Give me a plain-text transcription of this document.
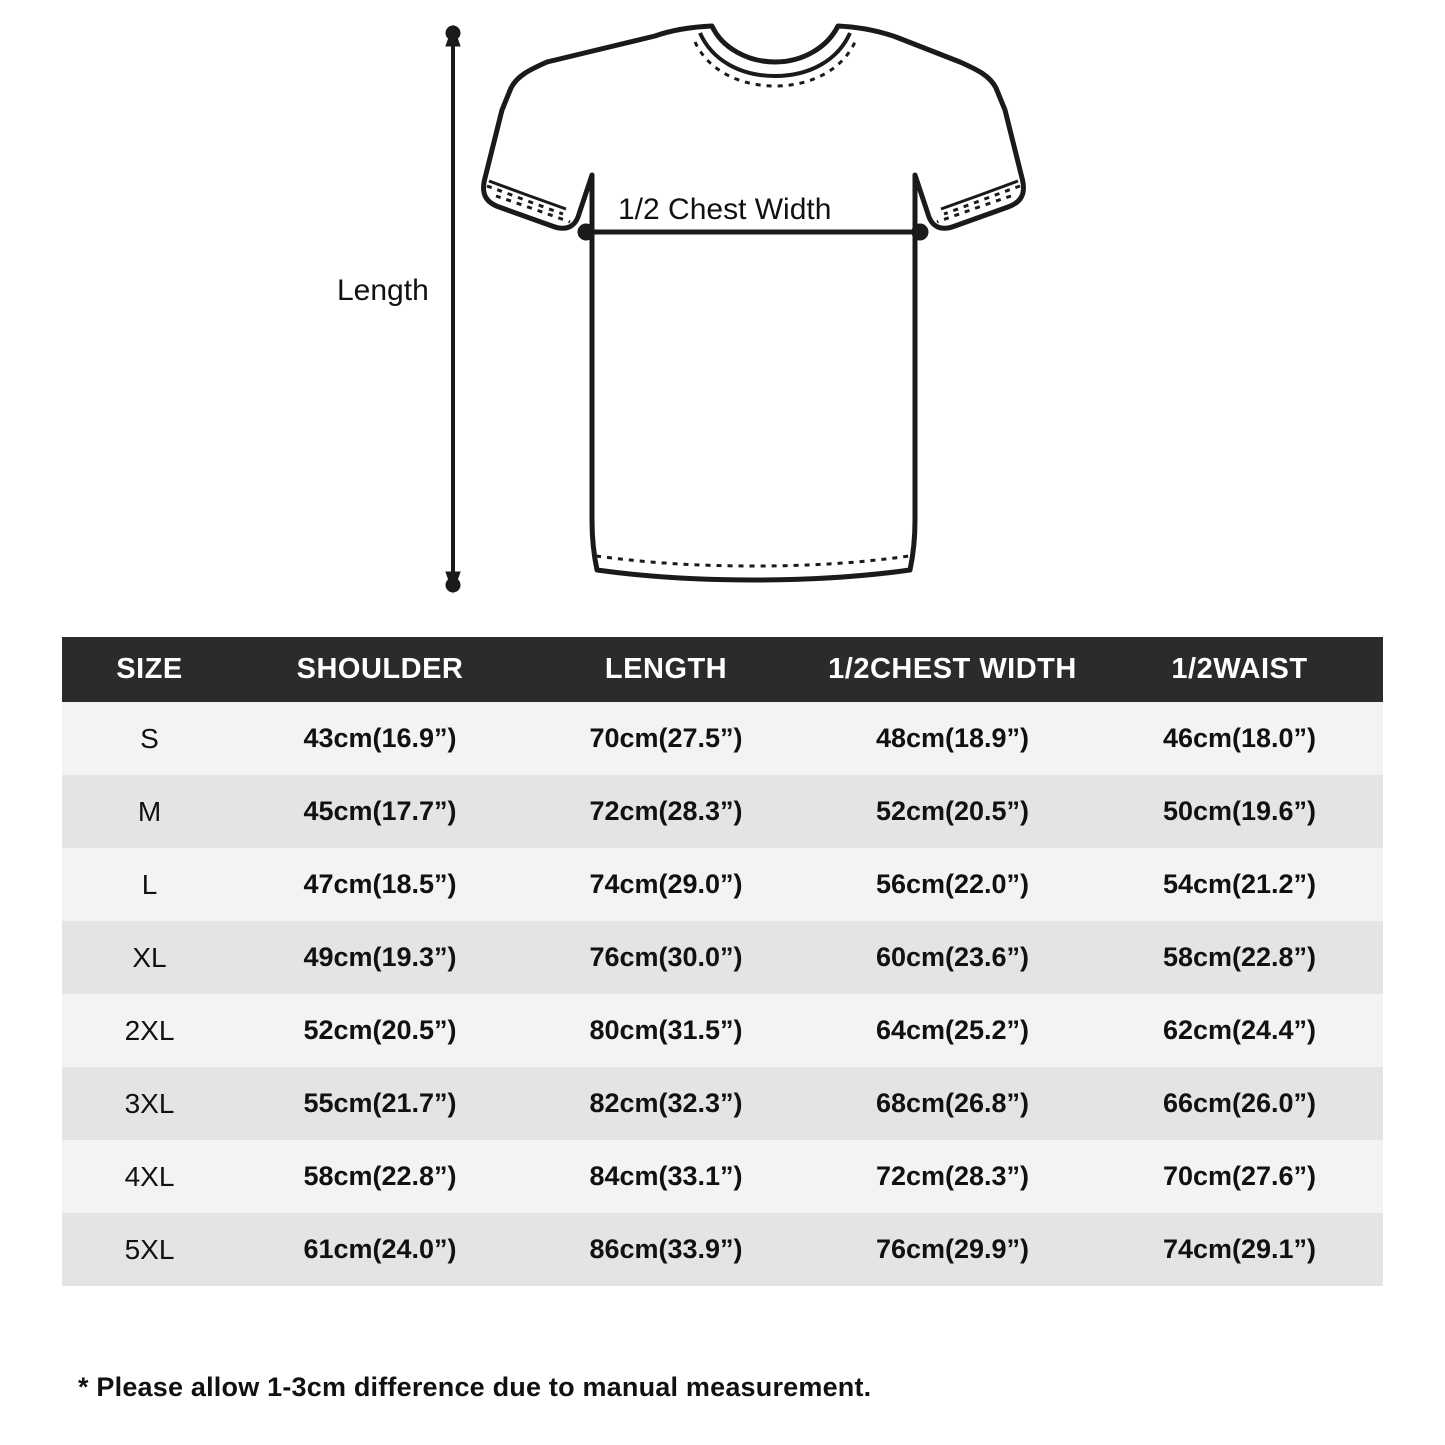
Length
1/2 Chest Width
SIZE	SHOULDER	LENGTH	1/2CHEST WIDTH	1/2WAIST
S	43cm(16.9”)	70cm(27.5”)	48cm(18.9”)	46cm(18.0”)
M	45cm(17.7”)	72cm(28.3”)	52cm(20.5”)	50cm(19.6”)
L	47cm(18.5”)	74cm(29.0”)	56cm(22.0”)	54cm(21.2”)
XL	49cm(19.3”)	76cm(30.0”)	60cm(23.6”)	58cm(22.8”)
2XL	52cm(20.5”)	80cm(31.5”)	64cm(25.2”)	62cm(24.4”)
3XL	55cm(21.7”)	82cm(32.3”)	68cm(26.8”)	66cm(26.0”)
4XL	58cm(22.8”)	84cm(33.1”)	72cm(28.3”)	70cm(27.6”)
5XL	61cm(24.0”)	86cm(33.9”)	76cm(29.9”)	74cm(29.1”)
* Please allow 1-3cm difference due to manual measurement.
